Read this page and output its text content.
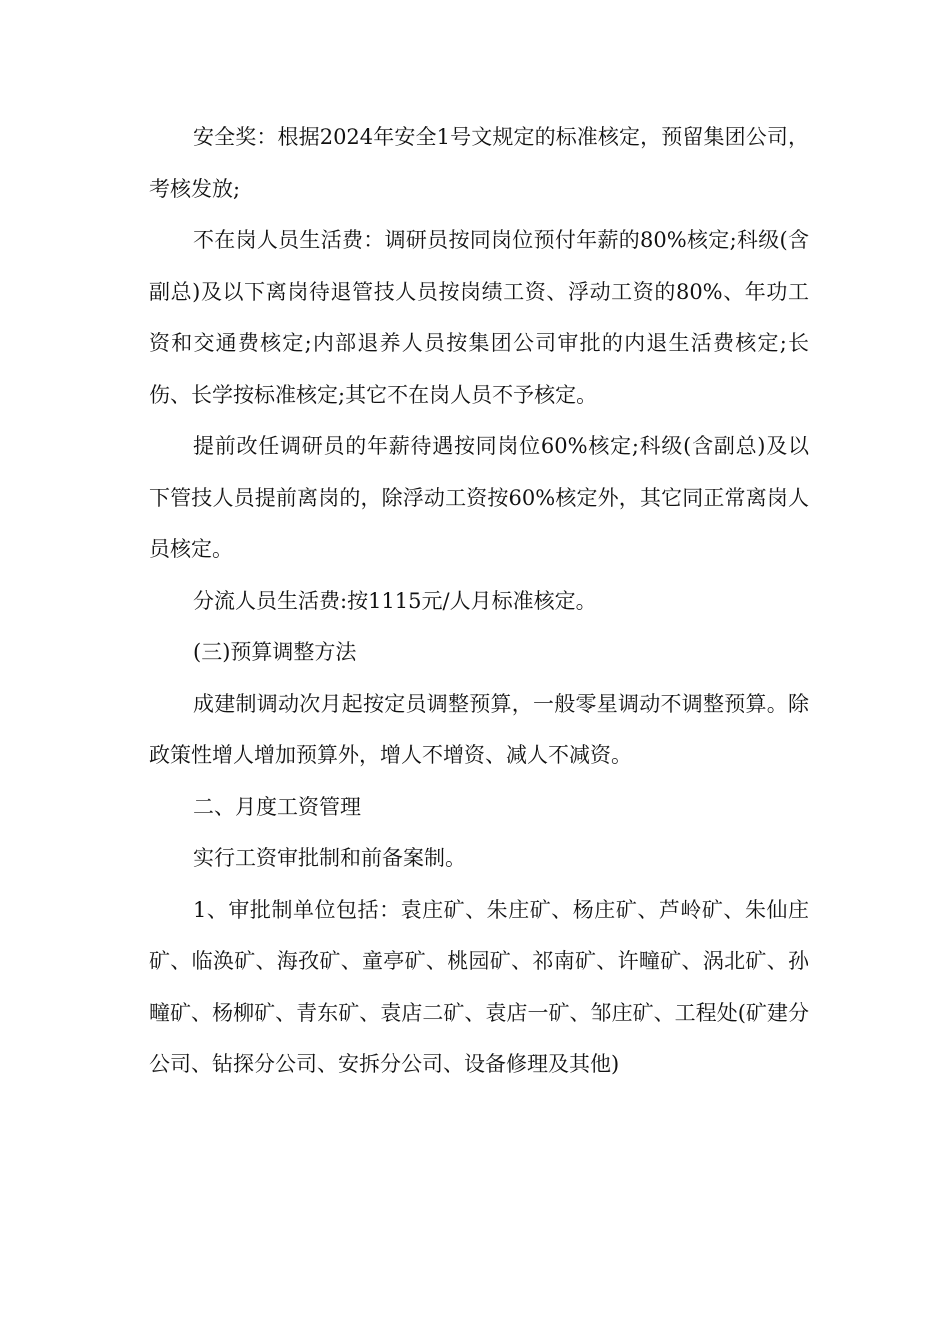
安全奖：根据2024年安全1号文规定的标准核定，预留集团公司，考核发放;

不在岗人员生活费：调研员按同岗位预付年薪的80%核定;科级(含副总)及以下离岗待退管技人员按岗绩工资、浮动工资的80%、年功工资和交通费核定;内部退养人员按集团公司审批的内退生活费核定;长伤、长学按标准核定;其它不在岗人员不予核定。

提前改任调研员的年薪待遇按同岗位60%核定;科级(含副总)及以下管技人员提前离岗的，除浮动工资按60%核定外，其它同正常离岗人员核定。

分流人员生活费:按1115元/人月标准核定。

(三)预算调整方法

成建制调动次月起按定员调整预算，一般零星调动不调整预算。除政策性增人增加预算外，增人不增资、减人不减资。

二、月度工资管理

实行工资审批制和前备案制。

1、审批制单位包括：袁庄矿、朱庄矿、杨庄矿、芦岭矿、朱仙庄矿、临涣矿、海孜矿、童亭矿、桃园矿、祁南矿、许疃矿、涡北矿、孙疃矿、杨柳矿、青东矿、袁店二矿、袁店一矿、邹庄矿、工程处(矿建分公司、钻探分公司、安拆分公司、设备修理及其他)
